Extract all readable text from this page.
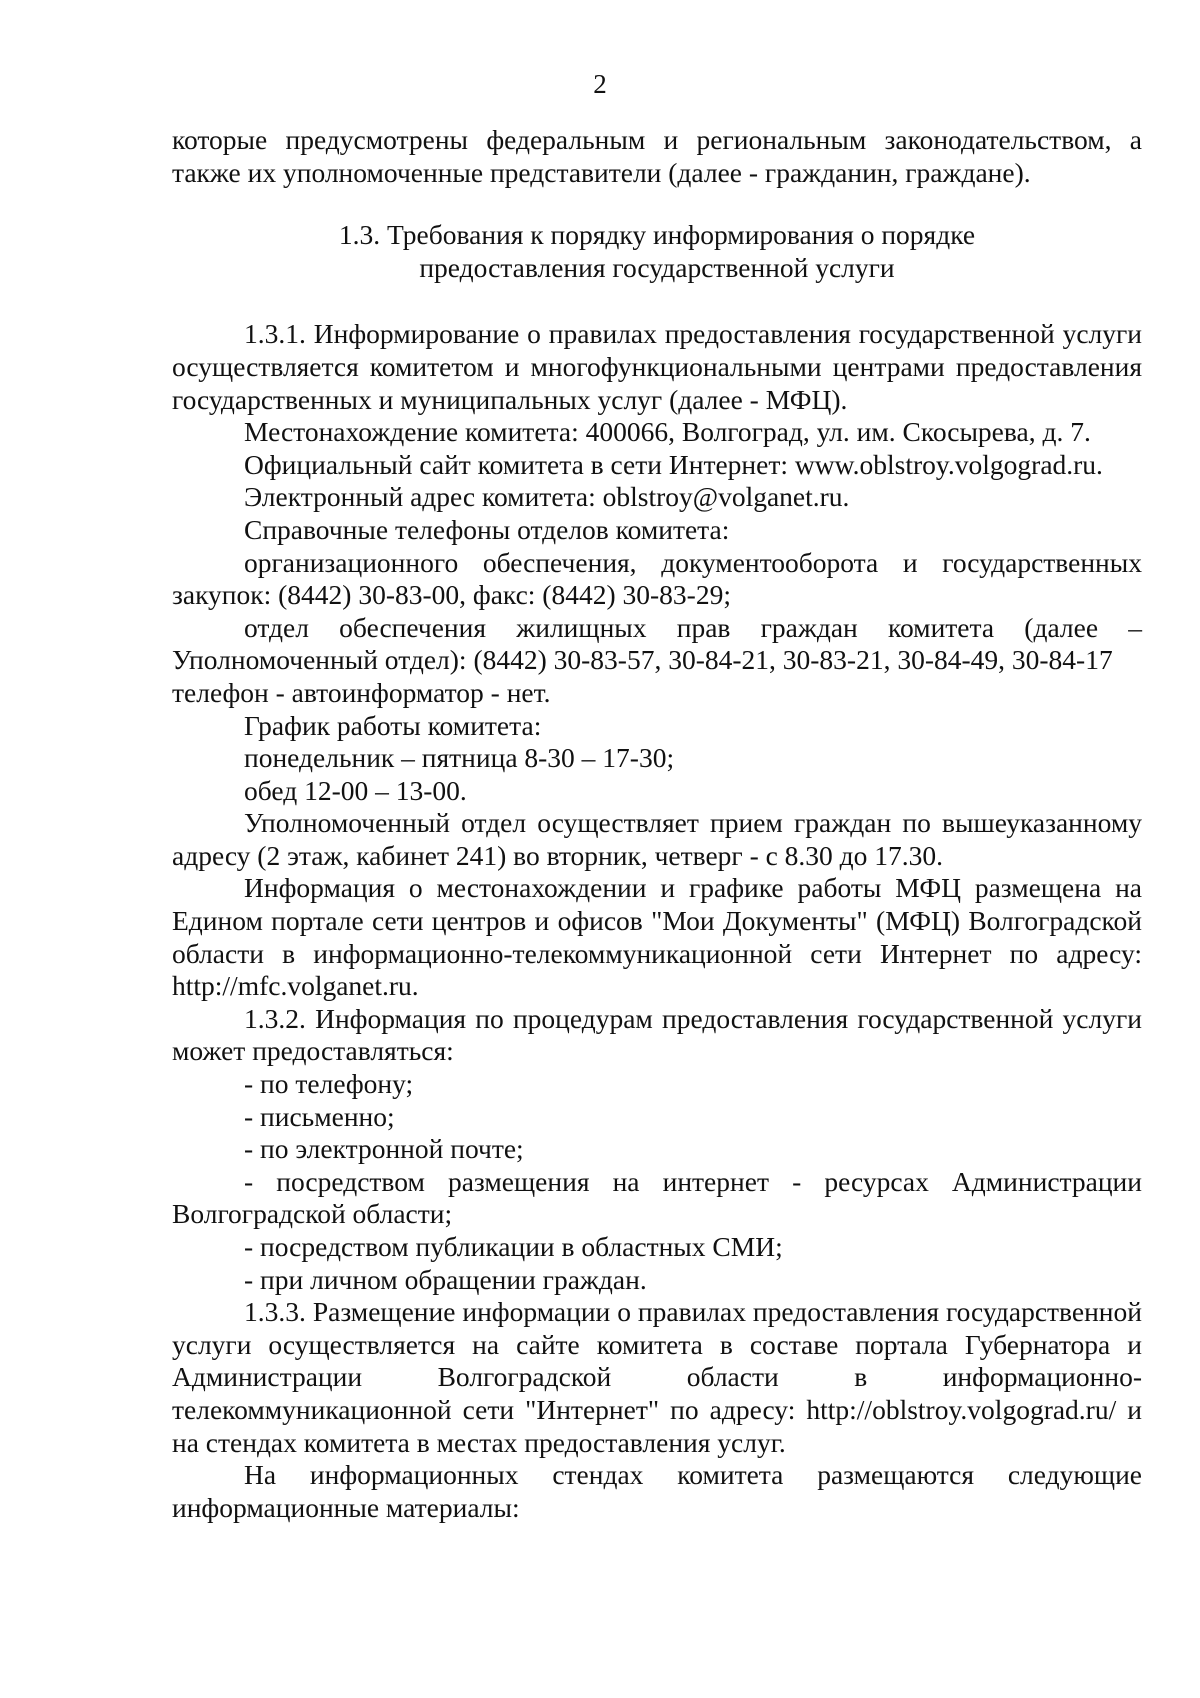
2

которые предусмотрены федеральным и региональным законодательством, а также их уполномоченные представители (далее - гражданин, граждане).

1.3. Требования к порядку информирования о порядке
предоставления государственной услуги

1.3.1. Информирование о правилах предоставления государственной услуги осуществляется комитетом и многофункциональными центрами предоставления государственных и муниципальных услуг (далее - МФЦ).

Местонахождение комитета: 400066, Волгоград, ул. им. Скосырева, д. 7.

Официальный сайт комитета в сети Интернет: www.oblstroy.volgograd.ru.

Электронный адрес комитета: oblstroy@volganet.ru.

Справочные телефоны отделов комитета:

организационного обеспечения, документооборота и государственных закупок: (8442) 30-83-00, факс: (8442) 30-83-29;

отдел обеспечения жилищных прав граждан комитета (далее – Уполномоченный отдел): (8442) 30-83-57, 30-84-21, 30-83-21, 30-84-49, 30-84-17

телефон - автоинформатор - нет.

График работы комитета:

понедельник – пятница 8-30 – 17-30;

обед 12-00 – 13-00.

Уполномоченный отдел осуществляет прием граждан по вышеуказанному адресу (2 этаж, кабинет 241) во вторник, четверг - с 8.30 до 17.30.

Информация о местонахождении и графике работы МФЦ размещена на Едином портале сети центров и офисов "Мои Документы" (МФЦ) Волгоградской области в информационно-телекоммуникационной сети Интернет по адресу: http://mfc.volganet.ru.

1.3.2. Информация по процедурам предоставления государственной услуги может предоставляться:

- по телефону;

- письменно;

- по электронной почте;

- посредством размещения на интернет - ресурсах Администрации Волгоградской области;

- посредством публикации в областных СМИ;

- при личном обращении граждан.

1.3.3. Размещение информации о правилах предоставления государственной услуги осуществляется на сайте комитета в составе портала Губернатора и Администрации Волгоградской области в информационно-телекоммуникационной сети "Интернет" по адресу: http://oblstroy.volgograd.ru/ и на стендах комитета в местах предоставления услуг.

На информационных стендах комитета размещаются следующие информационные материалы:
